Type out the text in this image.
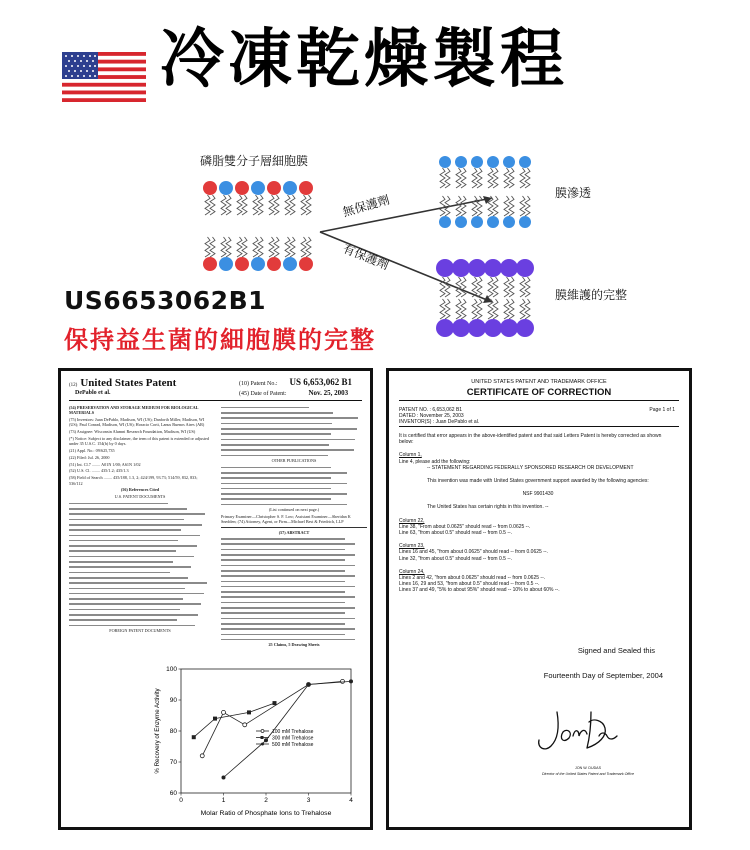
冷凍乾燥製程
磷脂雙分子層細胞膜
無保護劑
有保護劑
膜滲透
膜維護的完整
US6653062B1
保持益生菌的細胞膜的完整
(12) United States Patent
DePablo et al.
(10) Patent No.: US 6,653,062 B1
(45) Date of Patent:	Nov. 25, 2003

(54) PRESERVATION AND STORAGE MEDIUM FOR BIOLOGICAL MATERIALS

(75) Inventors: Juan DePablo, Madison, WI (US); Danforth Miller, Madison, WI (US); Paul Conrad, Madison, WI (US); Horacio Corti, Lanus Buenos Aires (AR)

(73) Assignee: Wisconsin Alumni Research Foundation, Madison, WI (US)

(*) Notice: Subject to any disclaimer, the term of this patent is extended or adjusted under 35 U.S.C. 154(b) by 0 days.

(21) Appl. No.: 09/625,735

(22) Filed: Jul. 26, 2000

(51) Int. Cl.7 ........ A01N 1/00; A61N 1/02

(52) U.S. Cl. ........ 435/1.2; 435/1.3

(58) Field of Search ........ 435/188, 1.3, 2; 424/199, 93.73; 514/59, 832, 833; 536/112

(56) References Cited

U.S. PATENT DOCUMENTS

FOREIGN PATENT DOCUMENTS

OTHER PUBLICATIONS

(List continued on next page.)

Primary Examiner—Christopher S. F. Low; Assistant Examiner—Sheridan K Snedden; (74) Attorney, Agent, or Firm—Michael Best & Friedrich, LLP

(57) ABSTRACT

25 Claims, 5 Drawing Sheets

0	1	2	3	4
60
70
80
90
100
Molar Ratio of Phosphate Ions to Trehalose
% Recovery of Enzyme Activity	100 mM Trehalose
300 mM Trehalose
500 mM Trehalose
UNITED STATES PATENT AND TRADEMARK OFFICE
CERTIFICATE OF CORRECTION
PATENT NO. : 6,653,062 B1
DATED : November 25, 2003
INVENTOR(S) : Juan DePablo et al.
Page 1 of 1

It is certified that error appears in the above-identified patent and that said Letters Patent is hereby corrected as shown below:

Column 1,
Line 4, please add the following:

-- STATEMENT REGARDING FEDERALLY SPONSORED RESEARCH OR DEVELOPMENT

This invention was made with United States government support awarded by the following agencies:

NSF 9901430

The United States has certain rights in this invention. --

Column 22,
Line 38, "From about 0.0625" should read -- from 0.0625 --.

Line 63, "from about 0.5" should read -- from 0.5 --.

Column 23,
Lines 16 and 45, "from about 0.0625" should read -- from 0.0625 --.

Line 32, "from about 0.5" should read -- from 0.5 --.

Column 24,
Lines 2 and 42, "from about 0.0625" should read -- from 0.0625 --.
Lines 16, 29 and 53, "from about 0.5" should read -- from 0.5 --.
Lines 37 and 49, "5% to about 95%" should read -- 10% to about 60% --.
Signed and Sealed this
Fourteenth Day of September, 2004
JON W. DUDAS
Director of the United States Patent and Trademark Office
